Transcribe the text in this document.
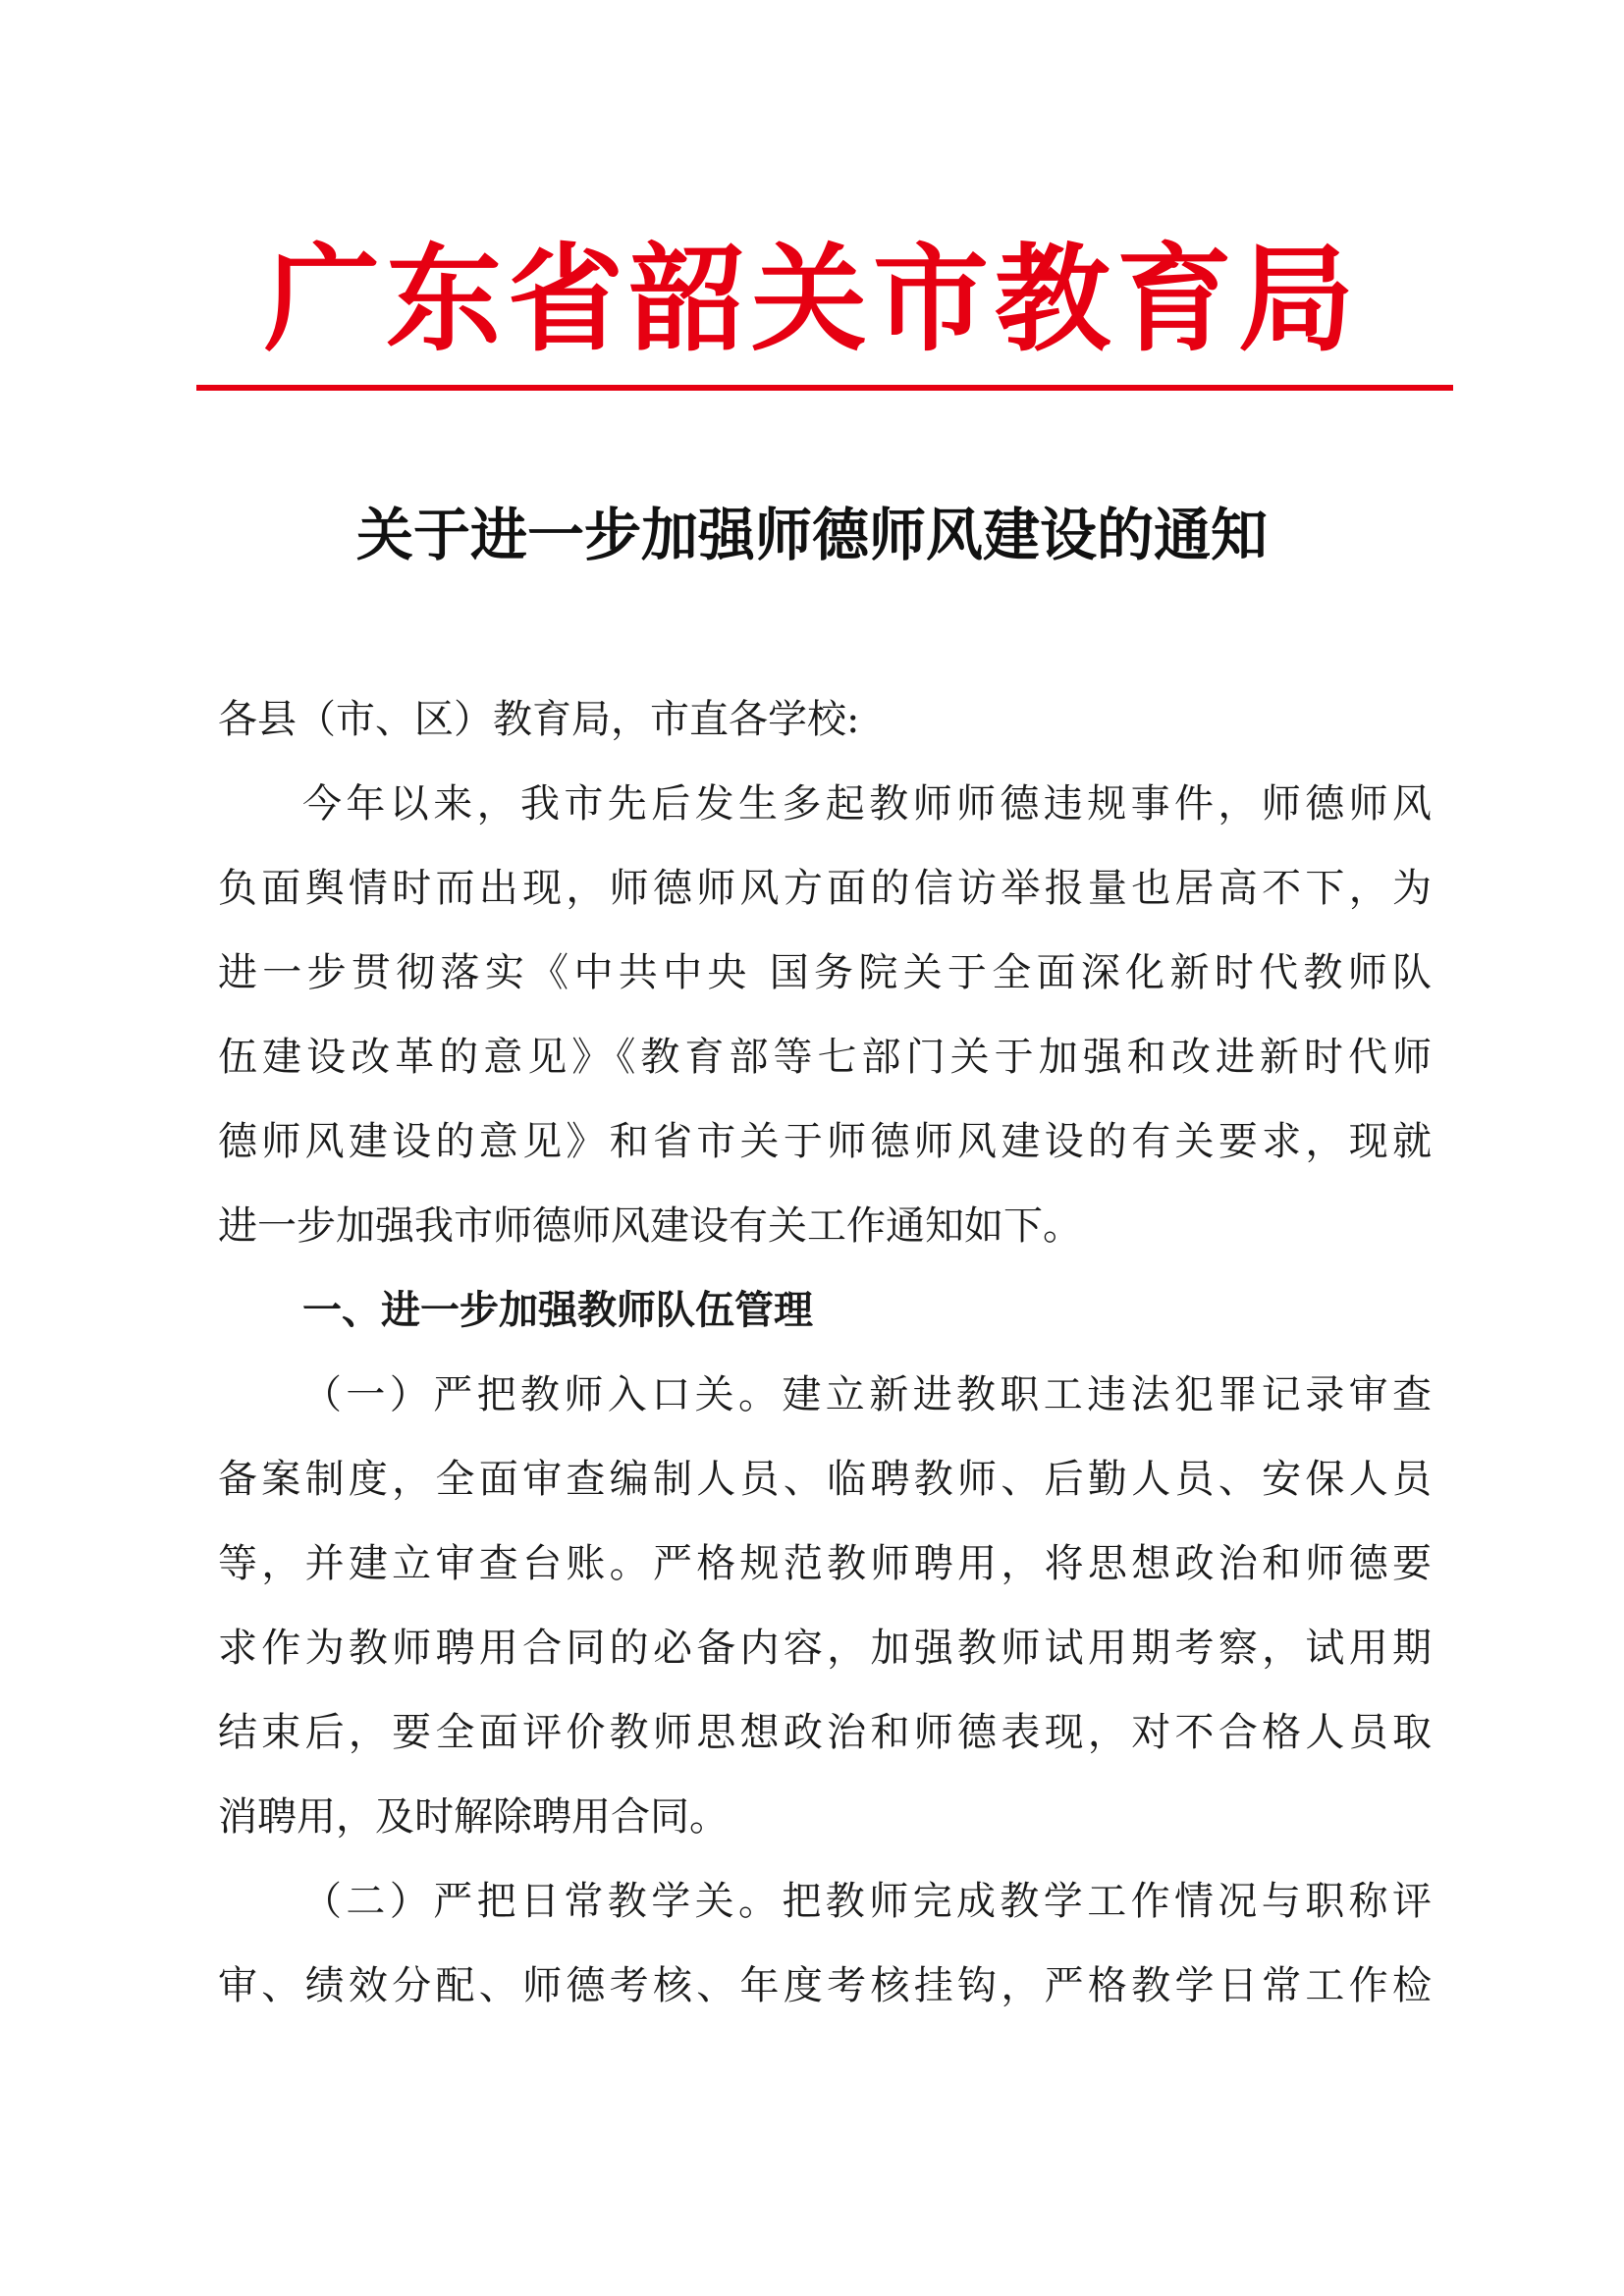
广东省韶关市教育局
关于进一步加强师德师风建设的通知
各县（市、区）教育局，市直各学校:
今年以来，我市先后发生多起教师师德违规事件，师德师风
负面舆情时而出现，师德师风方面的信访举报量也居高不下，为
进一步贯彻落实《中共中央 国务院关于全面深化新时代教师队
伍建设改革的意见》《教育部等七部门关于加强和改进新时代师
德师风建设的意见》和省市关于师德师风建设的有关要求，现就
进一步加强我市师德师风建设有关工作通知如下。
一、进一步加强教师队伍管理
（一）严把教师入口关。建立新进教职工违法犯罪记录审查
备案制度，全面审查编制人员、临聘教师、后勤人员、安保人员
等，并建立审查台账。严格规范教师聘用，将思想政治和师德要
求作为教师聘用合同的必备内容，加强教师试用期考察，试用期
结束后，要全面评价教师思想政治和师德表现，对不合格人员取
消聘用，及时解除聘用合同。
（二）严把日常教学关。把教师完成教学工作情况与职称评
审、绩效分配、师德考核、年度考核挂钩，严格教学日常工作检
